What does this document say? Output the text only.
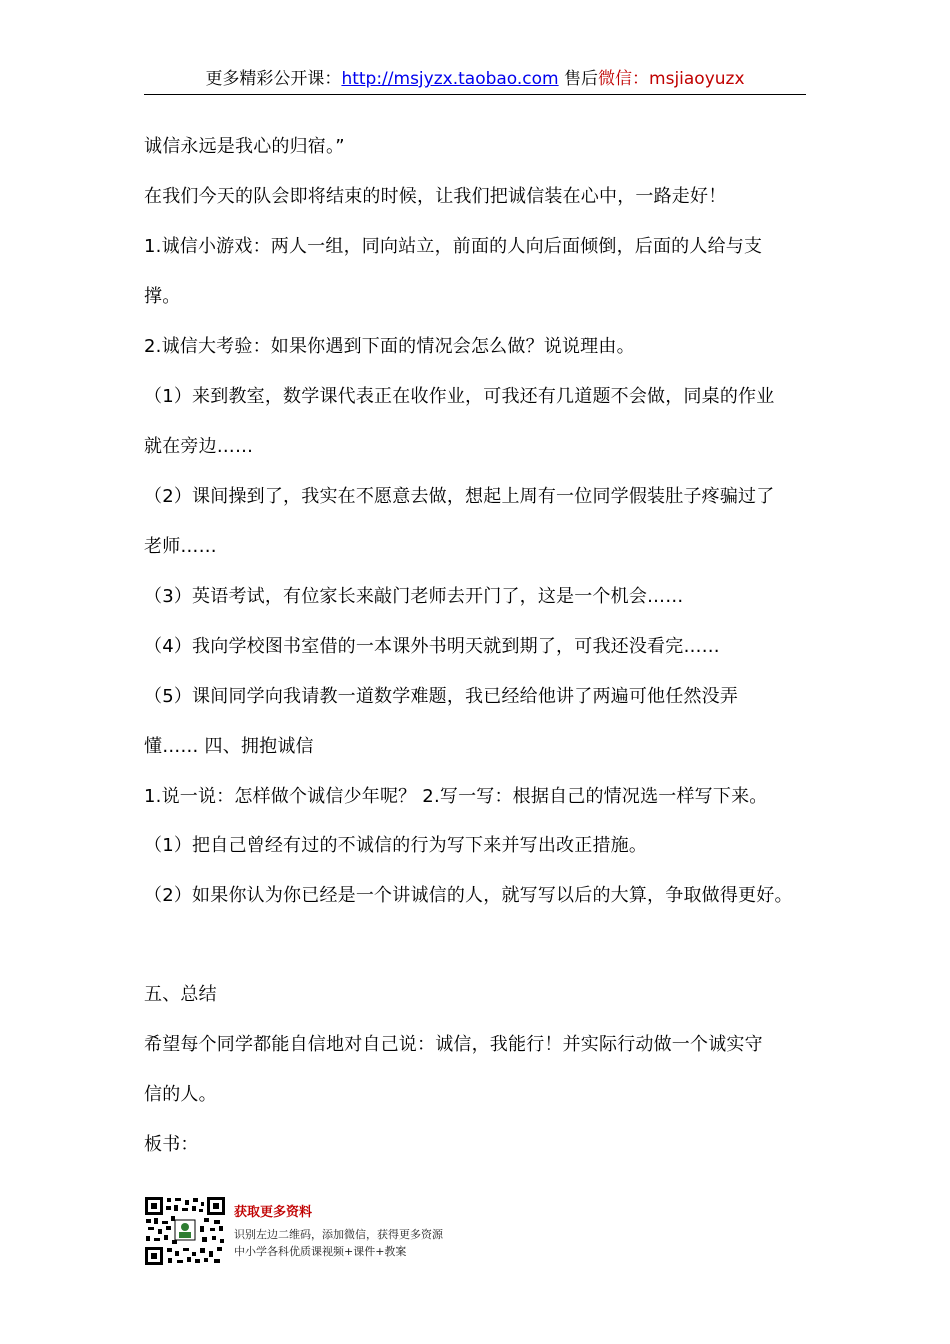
更多精彩公开课：http://msjyzx.taobao.com 售后微信：msjiaoyuzx
诚信永远是我心的归宿。”
在我们今天的队会即将结束的时候，让我们把诚信装在心中，一路走好！
1.诚信小游戏：两人一组，同向站立，前面的人向后面倾倒，后面的人给与支
撑。
2.诚信大考验：如果你遇到下面的情况会怎么做？说说理由。
（1）来到教室，数学课代表正在收作业，可我还有几道题不会做，同桌的作业
就在旁边……
（2）课间操到了，我实在不愿意去做，想起上周有一位同学假装肚子疼骗过了
老师……
（3）英语考试，有位家长来敲门老师去开门了，这是一个机会……
（4）我向学校图书室借的一本课外书明天就到期了，可我还没看完……
（5）课间同学向我请教一道数学难题，我已经给他讲了两遍可他任然没弄
懂…… 四、拥抱诚信
1.说一说：怎样做个诚信少年呢？ 2.写一写：根据自己的情况选一样写下来。
（1）把自己曾经有过的不诚信的行为写下来并写出改正措施。
（2）如果你认为你已经是一个讲诚信的人，就写写以后的大算，争取做得更好。
五、总结
希望每个同学都能自信地对自己说：诚信，我能行！并实际行动做一个诚实守
信的人。
板书：
获取更多资料
识别左边二维码，添加微信，获得更多资源
中小学各科优质课视频+课件+教案
